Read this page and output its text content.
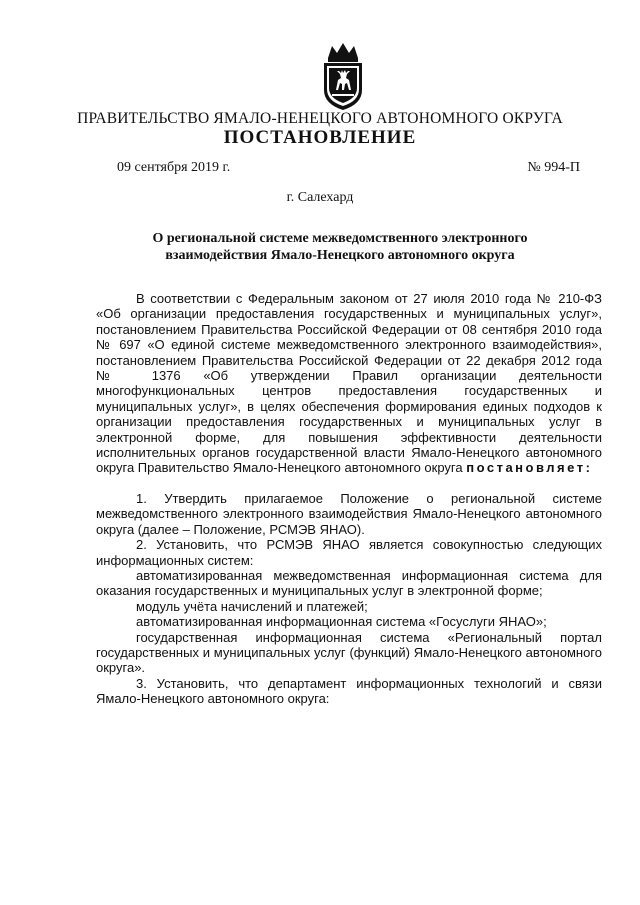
ПРАВИТЕЛЬСТВО ЯМАЛО-НЕНЕЦКОГО АВТОНОМНОГО ОКРУГА
ПОСТАНОВЛЕНИЕ
09 сентября 2019 г.	№ 994-П
г. Салехард
О региональной системе межведомственного электронного взаимодействия Ямало-Ненецкого автономного округа

В соответствии с Федеральным законом от 27 июля 2010 года № 210-ФЗ «Об организации предоставления государственных и муниципальных услуг», постановлением Правительства Российской Федерации от 08 сентября 2010 года № 697 «О единой системе межведомственного электронного взаимодействия», постановлением Правительства Российской Федерации от 22 декабря 2012 года № 1376 «Об утверждении Правил организации деятельности многофункциональных центров предоставления государственных и муниципальных услуг», в целях обеспечения формирования единых подходов к организации предоставления государственных и муниципальных услуг в электронной форме, для повышения эффективности деятельности исполнительных органов государственной власти Ямало-Ненецкого автономного округа Правительство Ямало-Ненецкого автономного округа постановляет:

1. Утвердить прилагаемое Положение о региональной системе межведомственного электронного взаимодействия Ямало-Ненецкого автономного округа (далее – Положение, РСМЭВ ЯНАО).

2. Установить, что РСМЭВ ЯНАО является совокупностью следующих информационных систем:

автоматизированная межведомственная информационная система для оказания государственных и муниципальных услуг в электронной форме;

модуль учёта начислений и платежей;

автоматизированная информационная система «Госуслуги ЯНАО»;

государственная информационная система «Региональный портал государственных и муниципальных услуг (функций) Ямало-Ненецкого автономного округа».

3. Установить, что департамент информационных технологий и связи Ямало-Ненецкого автономного округа:
